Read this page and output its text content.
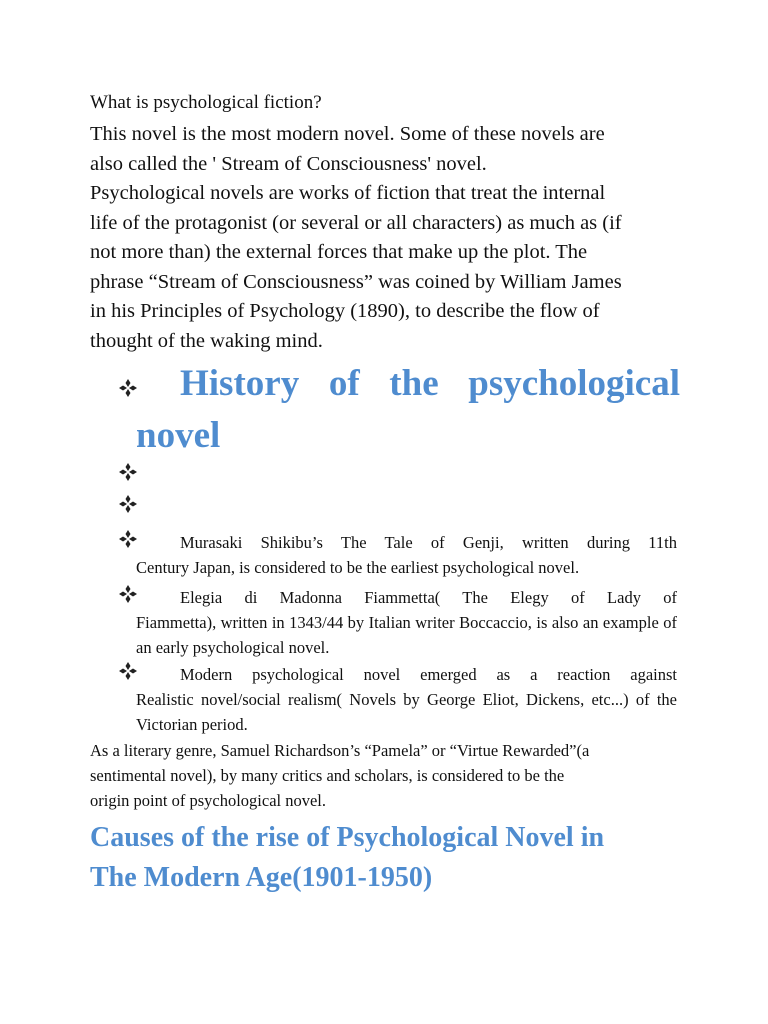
What is psychological fiction?

This novel is the most modern novel. Some of these novels are

also called the ' Stream of Consciousness' novel.

Psychological novels are works of fiction that treat the internal

life of the protagonist (or several or all characters) as much as (if

not more than) the external forces that make up the plot. The

phrase “Stream of Consciousness” was coined by William James

in his Principles of Psychology (1890), to describe the flow of

thought of the waking mind.

History of the psychological
novel
Murasaki Shikibu’s The Tale of Genji, written during 11th
Century Japan, is considered to be the earliest psychological novel.
Elegia di Madonna Fiammetta( The Elegy of Lady of
Fiammetta), written in 1343/44 by Italian writer Boccaccio, is also an example of an early psychological novel.
Modern psychological novel emerged as a reaction against
Realistic novel/social realism( Novels by George Eliot, Dickens, etc...) of the Victorian period.
As a literary genre, Samuel Richardson’s “Pamela” or “Virtue Rewarded”(a
sentimental novel), by many critics and scholars, is considered to be the
origin point of psychological novel.
Causes of the rise of Psychological Novel in
The Modern Age(1901-1950)
